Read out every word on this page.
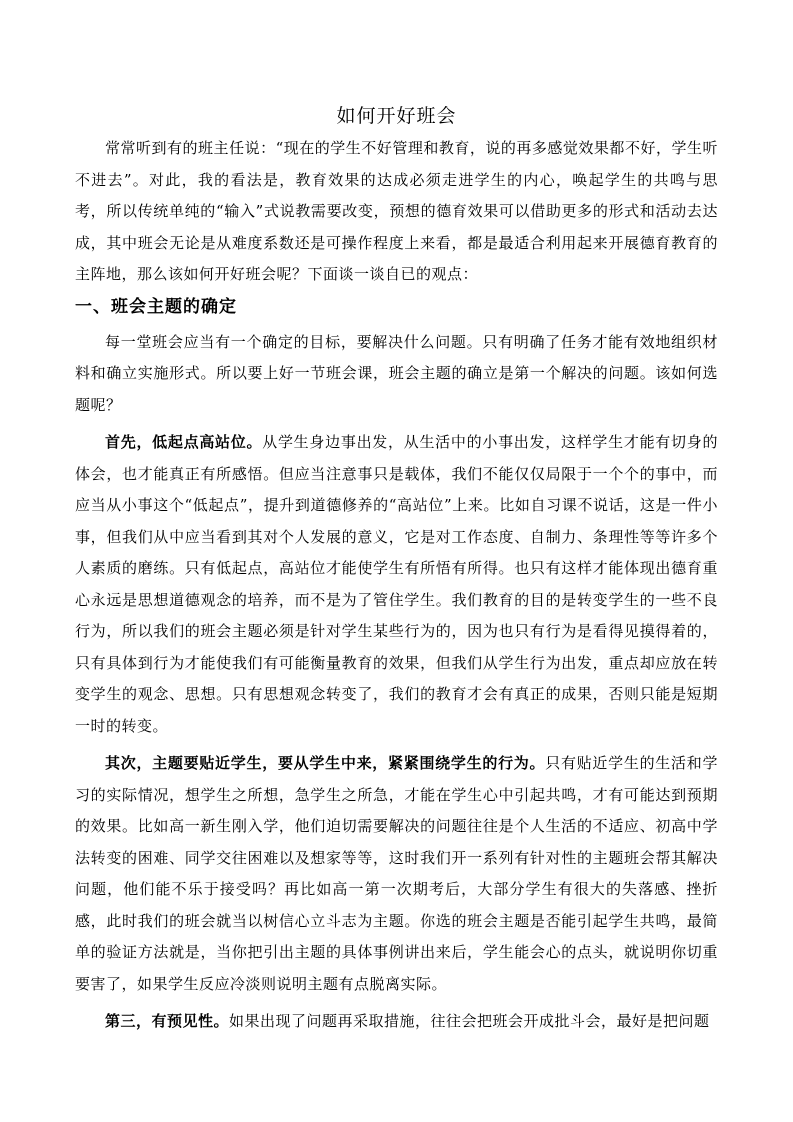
如何开好班会

常常听到有的班主任说：“现在的学生不好管理和教育，说的再多感觉效果都不好，学生听不进去”。对此，我的看法是，教育效果的达成必须走进学生的内心，唤起学生的共鸣与思考，所以传统单纯的“输入”式说教需要改变，预想的德育效果可以借助更多的形式和活动去达成，其中班会无论是从难度系数还是可操作程度上来看，都是最适合利用起来开展德育教育的主阵地，那么该如何开好班会呢？下面谈一谈自已的观点：

一、班会主题的确定

每一堂班会应当有一个确定的目标，要解决什么问题。只有明确了任务才能有效地组织材料和确立实施形式。所以要上好一节班会课，班会主题的确立是第一个解决的问题。该如何选题呢？

首先，低起点高站位。从学生身边事出发，从生活中的小事出发，这样学生才能有切身的体会，也才能真正有所感悟。但应当注意事只是载体，我们不能仅仅局限于一个个的事中，而应当从小事这个“低起点”，提升到道德修养的“高站位”上来。比如自习课不说话，这是一件小事，但我们从中应当看到其对个人发展的意义，它是对工作态度、自制力、条理性等等许多个人素质的磨练。只有低起点，高站位才能使学生有所悟有所得。也只有这样才能体现出德育重心永远是思想道德观念的培养，而不是为了管住学生。我们教育的目的是转变学生的一些不良行为，所以我们的班会主题必须是针对学生某些行为的，因为也只有行为是看得见摸得着的，只有具体到行为才能使我们有可能衡量教育的效果，但我们从学生行为出发，重点却应放在转变学生的观念、思想。只有思想观念转变了，我们的教育才会有真正的成果，否则只能是短期一时的转变。

其次，主题要贴近学生，要从学生中来，紧紧围绕学生的行为。只有贴近学生的生活和学习的实际情况，想学生之所想，急学生之所急，才能在学生心中引起共鸣，才有可能达到预期的效果。比如高一新生刚入学，他们迫切需要解决的问题往往是个人生活的不适应、初高中学法转变的困难、同学交往困难以及想家等等，这时我们开一系列有针对性的主题班会帮其解决问题，他们能不乐于接受吗？再比如高一第一次期考后，大部分学生有很大的失落感、挫折感，此时我们的班会就当以树信心立斗志为主题。你选的班会主题是否能引起学生共鸣，最简单的验证方法就是，当你把引出主题的具体事例讲出来后，学生能会心的点头，就说明你切重要害了，如果学生反应冷淡则说明主题有点脱离实际。

第三，有预见性。如果出现了问题再采取措施，往往会把班会开成批斗会，最好是把问题
